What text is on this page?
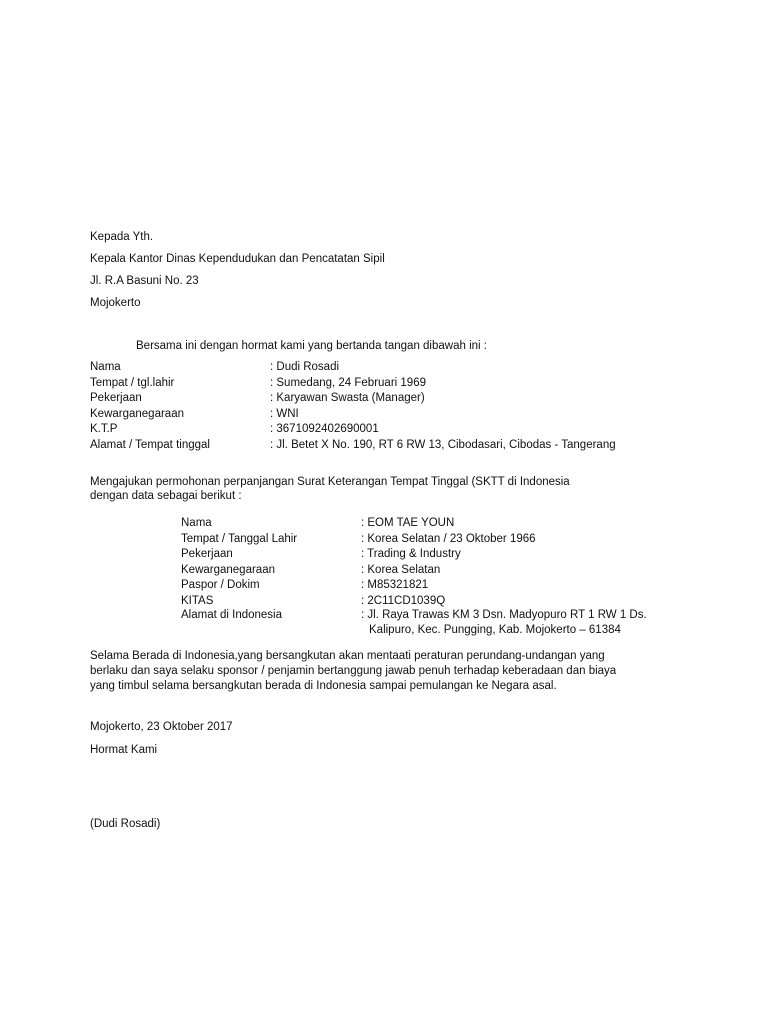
Kepada Yth.
Kepala Kantor Dinas Kependudukan dan Pencatatan Sipil
Jl. R.A Basuni No. 23
Mojokerto
Bersama ini dengan hormat kami yang bertanda tangan dibawah ini :
Nama	: Dudi Rosadi
Tempat / tgl.lahir	: Sumedang, 24 Februari 1969
Pekerjaan	: Karyawan Swasta (Manager)
Kewarganegaraan	: WNI
K.T.P	: 3671092402690001
Alamat / Tempat tinggal	: Jl. Betet X No. 190, RT 6 RW 13, Cibodasari, Cibodas - Tangerang
Mengajukan permohonan perpanjangan Surat Keterangan Tempat Tinggal (SKTT di Indonesia
dengan data sebagai berikut :
Nama	: EOM TAE YOUN
Tempat / Tanggal Lahir	: Korea Selatan / 23 Oktober 1966
Pekerjaan	: Trading & Industry
Kewarganegaraan	: Korea Selatan
Paspor / Dokim	: M85321821
KITAS	: 2C11CD1039Q
Alamat di Indonesia	: Jl. Raya Trawas KM 3 Dsn. Madyopuro RT 1 RW 1 Ds.
Kalipuro, Kec. Pungging, Kab. Mojokerto – 61384
Selama Berada di Indonesia,yang bersangkutan akan mentaati peraturan perundang-undangan yang
berlaku dan saya selaku sponsor / penjamin bertanggung jawab penuh terhadap keberadaan dan biaya
yang timbul selama bersangkutan berada di Indonesia sampai pemulangan ke Negara asal.
Mojokerto, 23 Oktober 2017
Hormat Kami
(Dudi Rosadi)
